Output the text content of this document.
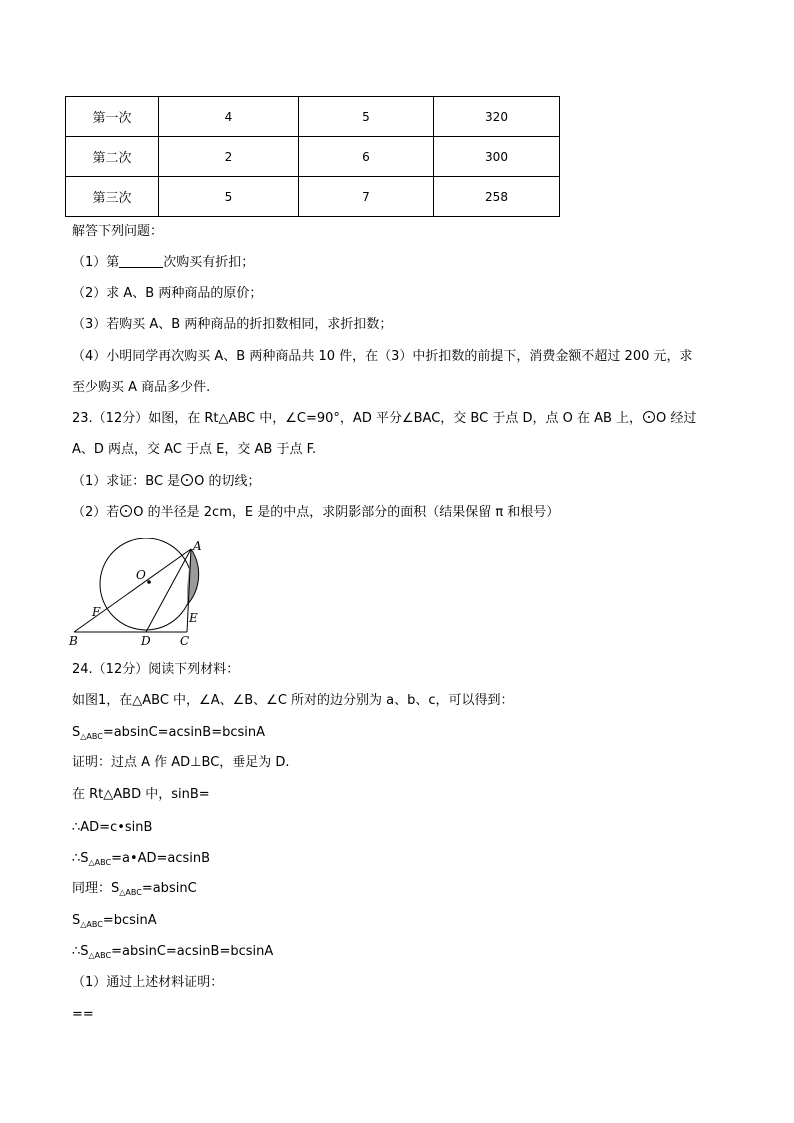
第一次	4	5	320
第二次	2	6	300
第三次	5	7	258
解答下列问题：
（1）第	次购买有折扣；
（2）求 A、B 两种商品的原价；
（3）若购买 A、B 两种商品的折扣数相同，求折扣数；
（4）小明同学再次购买 A、B 两种商品共 10 件，在（3）中折扣数的前提下，消费金额不超过 200 元，求
至少购买 A 商品多少件.
23.（12分）如图，在 Rt△ABC 中，∠C=90°，AD 平分∠BAC，交 BC 于点 D，点 O 在 AB 上， O 经过
A、D 两点，交 AC 于点 E，交 AB 于点 F.
（1）求证：BC 是 O 的切线；
（2）若 O 的半径是 2cm，E 是的中点，求阴影部分的面积（结果保留 π 和根号）
O
A
B	C
D
E
F
24.（12分）阅读下列材料：
如图1，在△ABC 中，∠A、∠B、∠C 所对的边分别为 a、b、c，可以得到：
$S_{\triangle ABC}=absinC=acsinB=bcsinA$
证明：过点 A 作 AD⊥BC，垂足为 D.
在 Rt△ABD 中，sinB=
∴AD=c•sinB
$\therefore S_{\triangle ABC}=a•AD=acsinB$
同理：$S_{\triangle ABC}=absinC$
$S_{\triangle ABC}=bcsinA$
$\therefore S_{\triangle ABC}=absinC=acsinB=bcsinA$
（1）通过上述材料证明：
==
